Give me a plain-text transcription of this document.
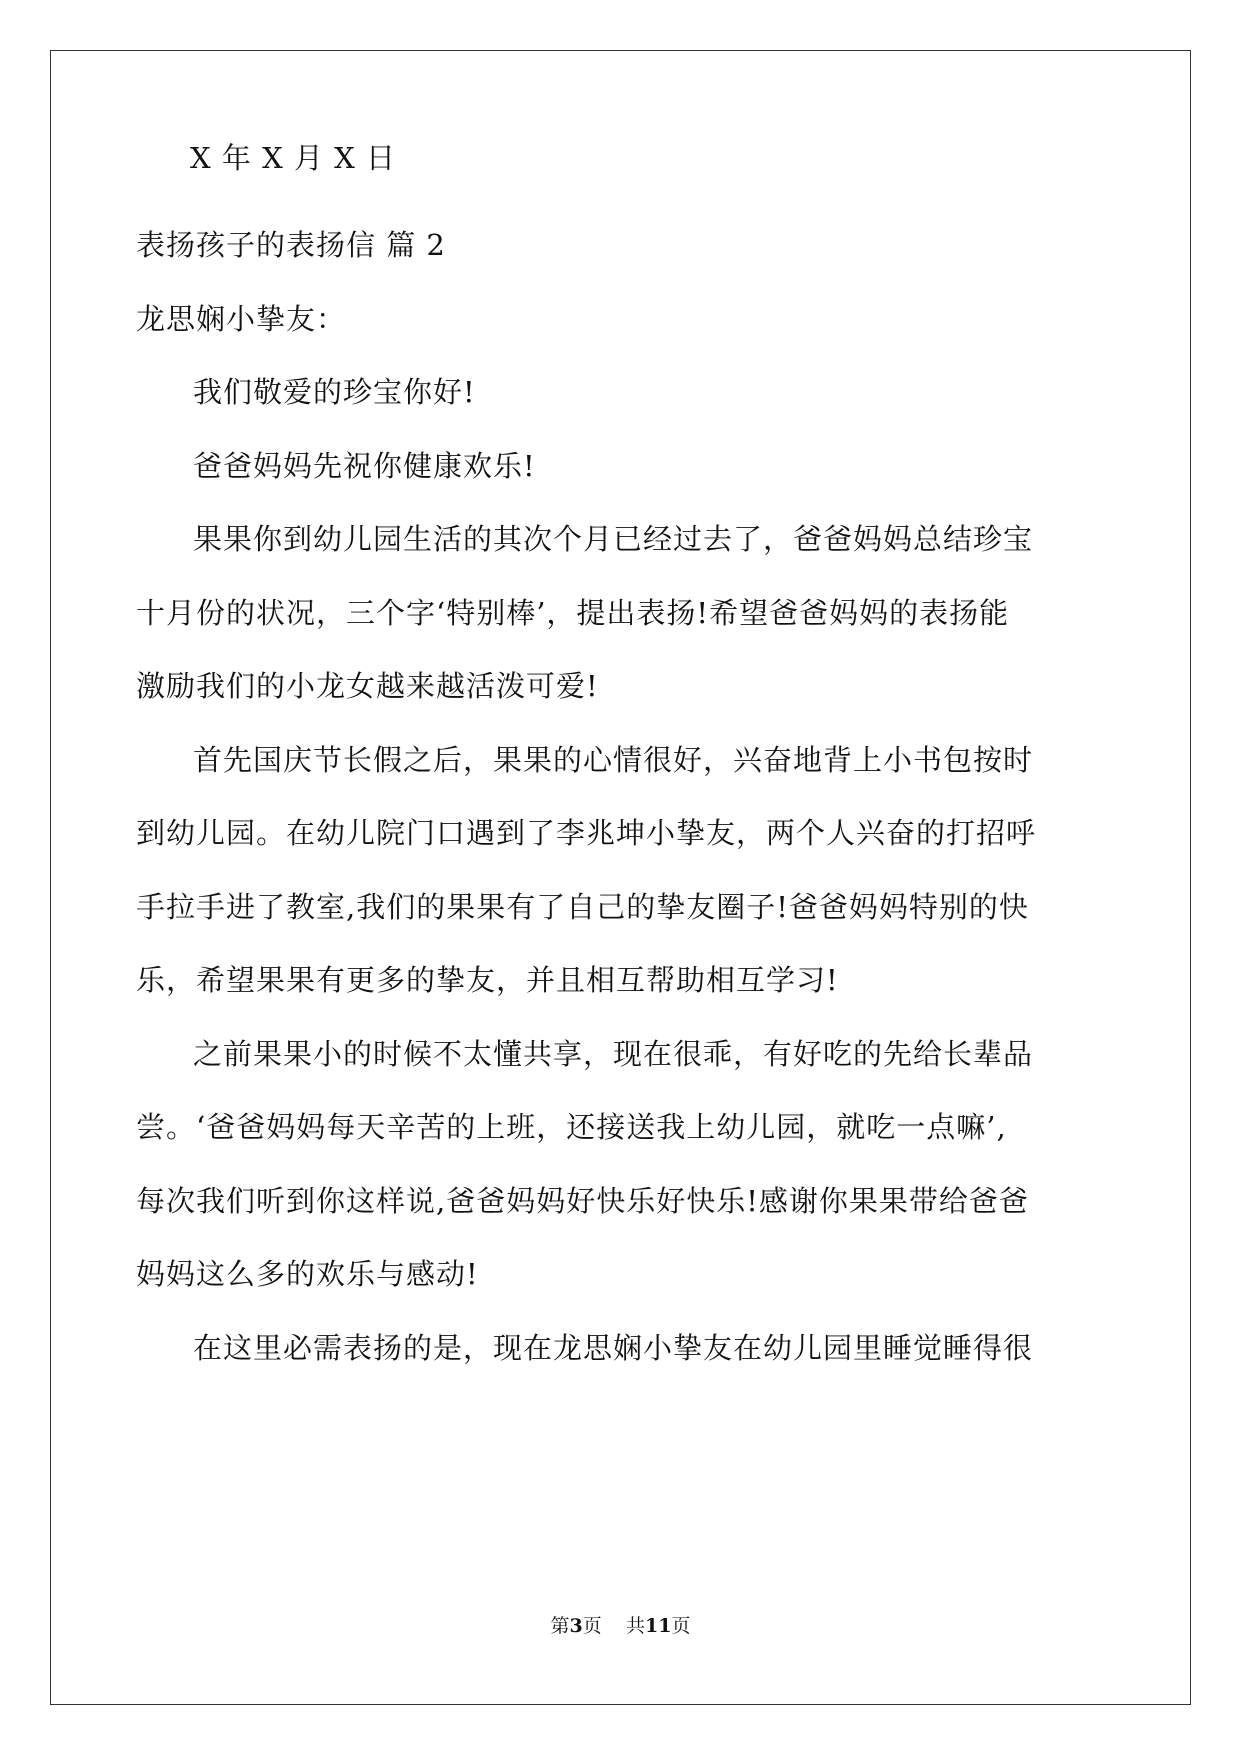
X 年 X 月 X 日
表扬孩子的表扬信 篇 2
龙思娴小挚友：
我们敬爱的珍宝你好!
爸爸妈妈先祝你健康欢乐!
果果你到幼儿园生活的其次个月已经过去了，爸爸妈妈总结珍宝
十月份的状况，三个字‘特别棒’，提出表扬!希望爸爸妈妈的表扬能
激励我们的小龙女越来越活泼可爱!
首先国庆节长假之后，果果的心情很好，兴奋地背上小书包按时
到幼儿园。在幼儿院门口遇到了李兆坤小挚友，两个人兴奋的打招呼
手拉手进了教室,我们的果果有了自己的挚友圈子!爸爸妈妈特别的快
乐，希望果果有更多的挚友，并且相互帮助相互学习!
之前果果小的时候不太懂共享，现在很乖，有好吃的先给长辈品
尝。‘爸爸妈妈每天辛苦的上班，还接送我上幼儿园，就吃一点嘛’,
每次我们听到你这样说,爸爸妈妈好快乐好快乐!感谢你果果带给爸爸
妈妈这么多的欢乐与感动!
在这里必需表扬的是，现在龙思娴小挚友在幼儿园里睡觉睡得很
第3页 共11页
